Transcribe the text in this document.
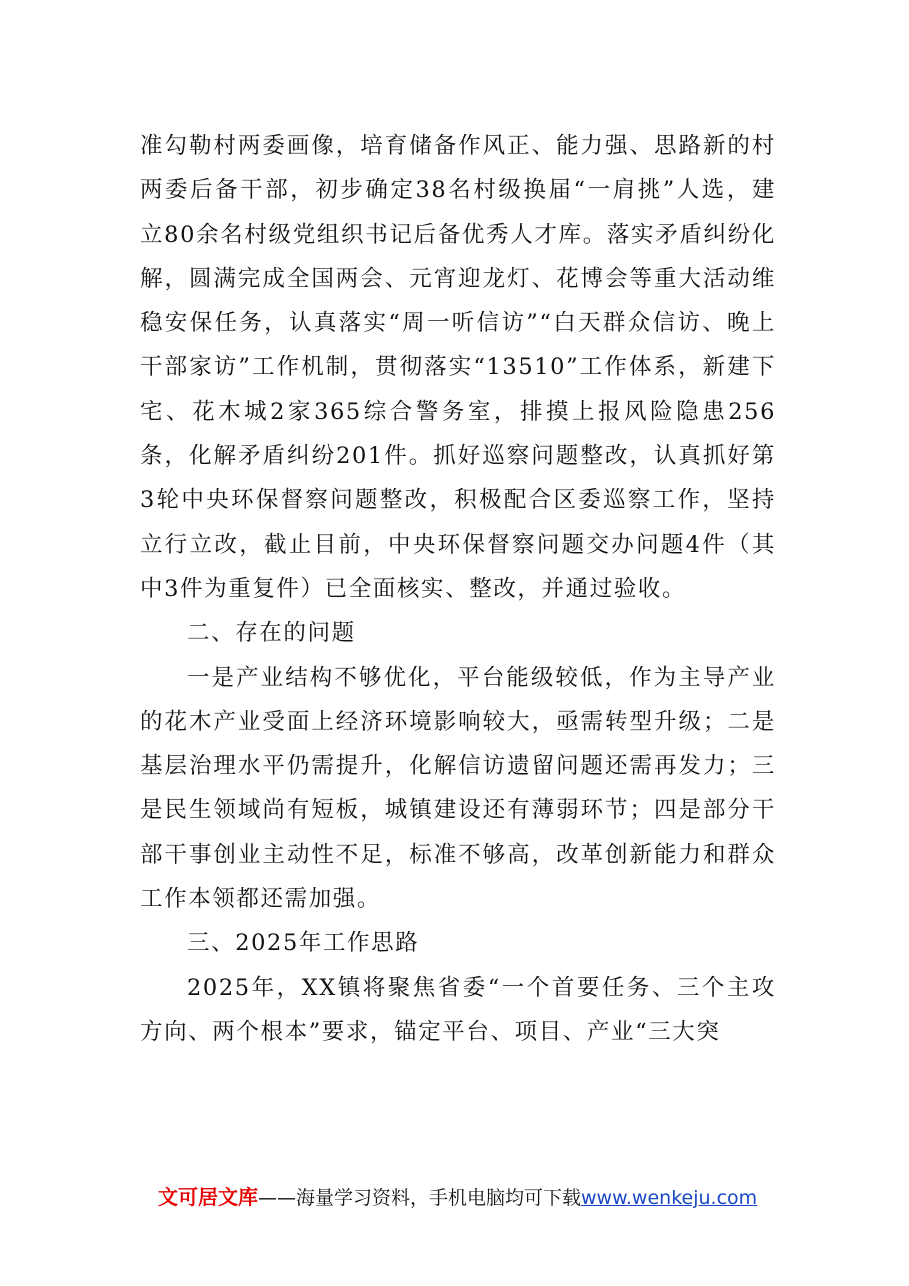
准勾勒村两委画像，培育储备作风正、能力强、思路新的村两委后备干部，初步确定38名村级换届“一肩挑”人选，建立80余名村级党组织书记后备优秀人才库。落实矛盾纠纷化解，圆满完成全国两会、元宵迎龙灯、花博会等重大活动维稳安保任务，认真落实“周一听信访”“白天群众信访、晚上干部家访”工作机制，贯彻落实“13510”工作体系，新建下宅、花木城2家365综合警务室，排摸上报风险隐患256条，化解矛盾纠纷201件。抓好巡察问题整改，认真抓好第3轮中央环保督察问题整改，积极配合区委巡察工作，坚持立行立改，截止目前，中央环保督察问题交办问题4件（其中3件为重复件）已全面核实、整改，并通过验收。

二、存在的问题

一是产业结构不够优化，平台能级较低，作为主导产业的花木产业受面上经济环境影响较大，亟需转型升级；二是基层治理水平仍需提升，化解信访遗留问题还需再发力；三是民生领域尚有短板，城镇建设还有薄弱环节；四是部分干部干事创业主动性不足，标准不够高，改革创新能力和群众工作本领都还需加强。

三、2025年工作思路

2025年，XX镇将聚焦省委“一个首要任务、三个主攻方向、两个根本”要求，锚定平台、项目、产业“三大突

文可居文库——海量学习资料，手机电脑均可下载www.wenkeju.com
